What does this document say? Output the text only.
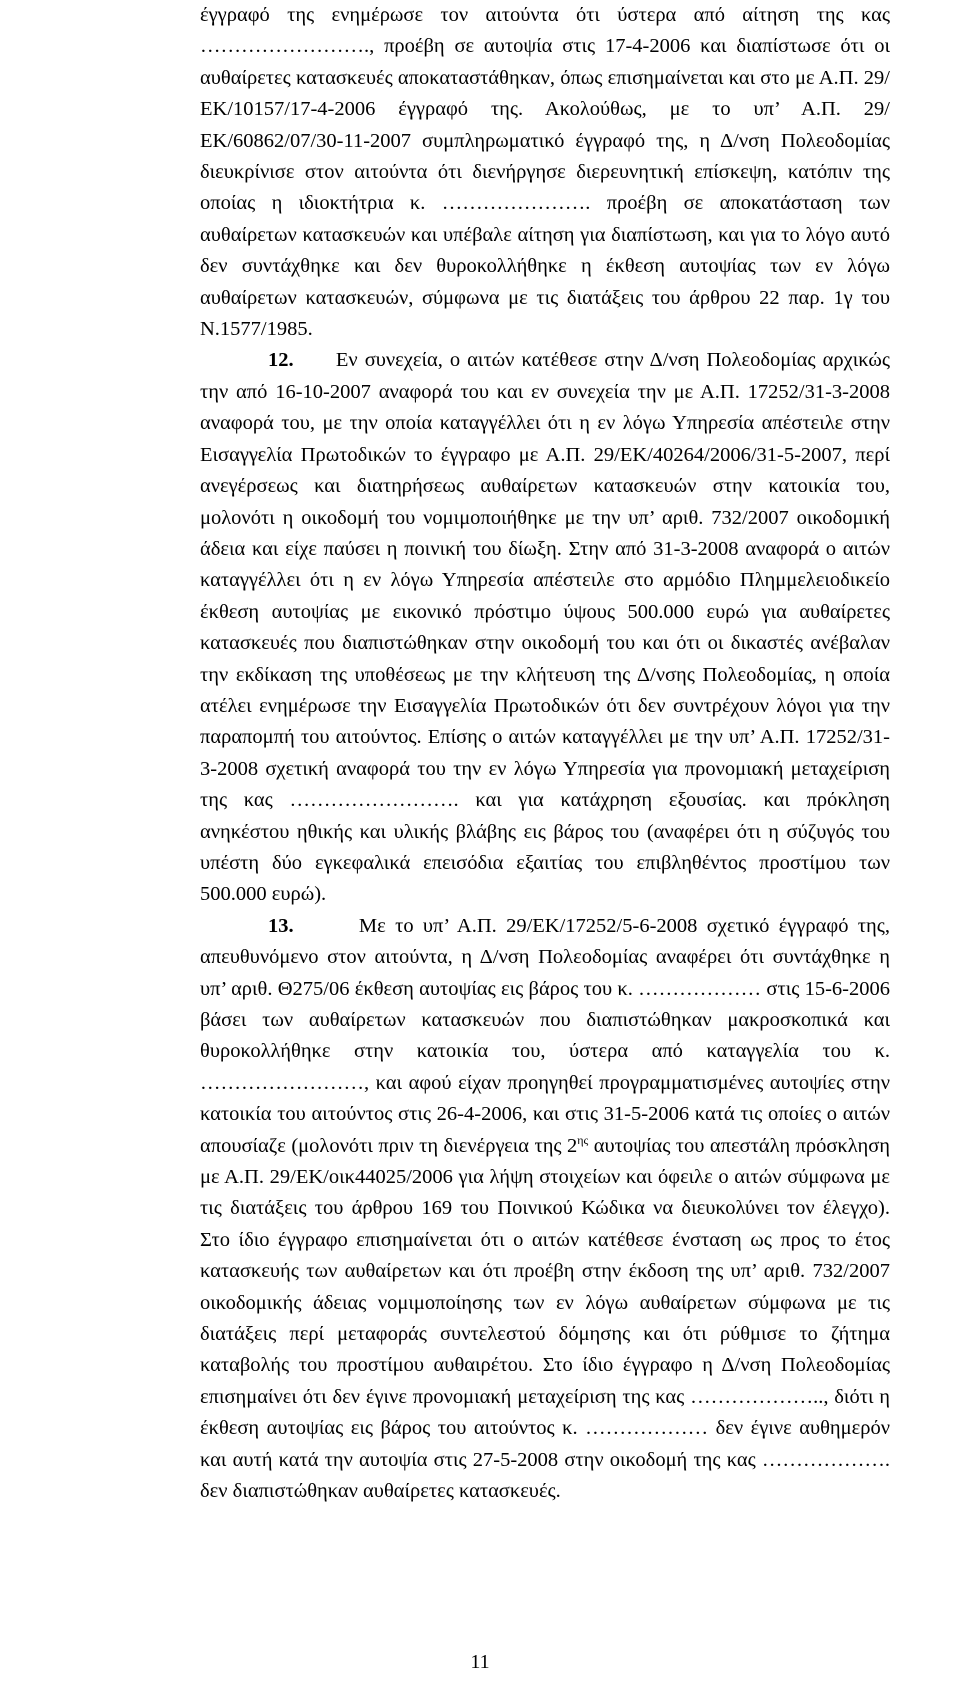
έγγραφό της ενημέρωσε τον αιτούντα ότι ύστερα από αίτηση της κας ……………………., προέβη σε αυτοψία στις 17-4-2006 και διαπίστωσε ότι οι αυθαίρετες κατασκευές αποκαταστάθηκαν, όπως επισημαίνεται και στο με Α.Π. 29/ΕΚ/10157/17-4-2006 έγγραφό της. Ακολούθως, με το υπ’ Α.Π. 29/ΕΚ/60862/07/30-11-2007 συμπληρωματικό έγγραφό της, η Δ/νση Πολεοδομίας διευκρίνισε στον αιτούντα ότι διενήργησε διερευνητική επίσκεψη, κατόπιν της οποίας η ιδιοκτήτρια κ. …………………. προέβη σε αποκατάσταση των αυθαίρετων κατασκευών και υπέβαλε αίτηση για διαπίστωση, και για το λόγο αυτό δεν συντάχθηκε και δεν θυροκολλήθηκε η έκθεση αυτοψίας των εν λόγω αυθαίρετων κατασκευών, σύμφωνα με τις διατάξεις του άρθρου 22 παρ. 1γ του Ν.1577/1985.

12. Εν συνεχεία, ο αιτών κατέθεσε στην Δ/νση Πολεοδομίας αρχικώς την από 16-10-2007 αναφορά του και εν συνεχεία την με Α.Π. 17252/31-3-2008 αναφορά του, με την οποία καταγγέλλει ότι η εν λόγω Υπηρεσία απέστειλε στην Εισαγγελία Πρωτοδικών το έγγραφο με Α.Π. 29/ΕΚ/40264/2006/31-5-2007, περί ανεγέρσεως και διατηρήσεως αυθαίρετων κατασκευών στην κατοικία του, μολονότι η οικοδομή του νομιμοποιήθηκε με την υπ’ αριθ. 732/2007 οικοδομική άδεια και είχε παύσει η ποινική του δίωξη. Στην από 31-3-2008 αναφορά ο αιτών καταγγέλλει ότι η εν λόγω Υπηρεσία απέστειλε στο αρμόδιο Πλημμελειοδικείο έκθεση αυτοψίας με εικονικό πρόστιμο ύψους 500.000 ευρώ για αυθαίρετες κατασκευές που διαπιστώθηκαν στην οικοδομή του και ότι οι δικαστές ανέβαλαν την εκδίκαση της υποθέσεως με την κλήτευση της Δ/νσης Πολεοδομίας, η οποία ατέλει ενημέρωσε την Εισαγγελία Πρωτοδικών ότι δεν συντρέχουν λόγοι για την παραπομπή του αιτούντος. Επίσης ο αιτών καταγγέλλει με την υπ’ Α.Π. 17252/31-3-2008 σχετική αναφορά του την εν λόγω Υπηρεσία για προνομιακή μεταχείριση της κας ……………………. και για κατάχρηση εξουσίας. και πρόκληση ανηκέστου ηθικής και υλικής βλάβης εις βάρος του (αναφέρει ότι η σύζυγός του υπέστη δύο εγκεφαλικά επεισόδια εξαιτίας του επιβληθέντος προστίμου των 500.000 ευρώ).

13.	Με το υπ’ Α.Π. 29/ΕΚ/17252/5-6-2008 σχετικό έγγραφό της, απευθυνόμενο στον αιτούντα, η Δ/νση Πολεοδομίας αναφέρει ότι συντάχθηκε η υπ’ αριθ. Θ275/06 έκθεση αυτοψίας εις βάρος του κ. ……………… στις 15-6-2006 βάσει των αυθαίρετων κατασκευών που διαπιστώθηκαν μακροσκοπικά και θυροκολλήθηκε στην κατοικία του, ύστερα από καταγγελία του κ. ……………………, και αφού είχαν προηγηθεί προγραμματισμένες αυτοψίες στην κατοικία του αιτούντος στις 26-4-2006, και στις 31-5-2006 κατά τις οποίες ο αιτών απουσίαζε (μολονότι πριν τη διενέργεια της $2^{\eta\varsigma}$ αυτοψίας του απεστάλη πρόσκληση με Α.Π. 29/ΕΚ/οικ44025/2006 για λήψη στοιχείων και όφειλε ο αιτών σύμφωνα με τις διατάξεις του άρθρου 169 του Ποινικού Κώδικα να διευκολύνει τον έλεγχο). Στο ίδιο έγγραφο επισημαίνεται ότι ο αιτών κατέθεσε ένσταση ως προς το έτος κατασκευής των αυθαίρετων και ότι προέβη στην έκδοση της υπ’ αριθ. 732/2007 οικοδομικής άδειας νομιμοποίησης των εν λόγω αυθαίρετων σύμφωνα με τις διατάξεις περί μεταφοράς συντελεστού δόμησης και ότι ρύθμισε το ζήτημα καταβολής του προστίμου αυθαιρέτου. Στο ίδιο έγγραφο η Δ/νση Πολεοδομίας επισημαίνει ότι δεν έγινε προνομιακή μεταχείριση της κας ……………….., διότι η έκθεση αυτοψίας εις βάρος του αιτούντος κ. ……………… δεν έγινε αυθημερόν και αυτή κατά την αυτοψία στις 27-5-2008 στην οικοδομή της κας ………………. δεν διαπιστώθηκαν αυθαίρετες κατασκευές.

11
